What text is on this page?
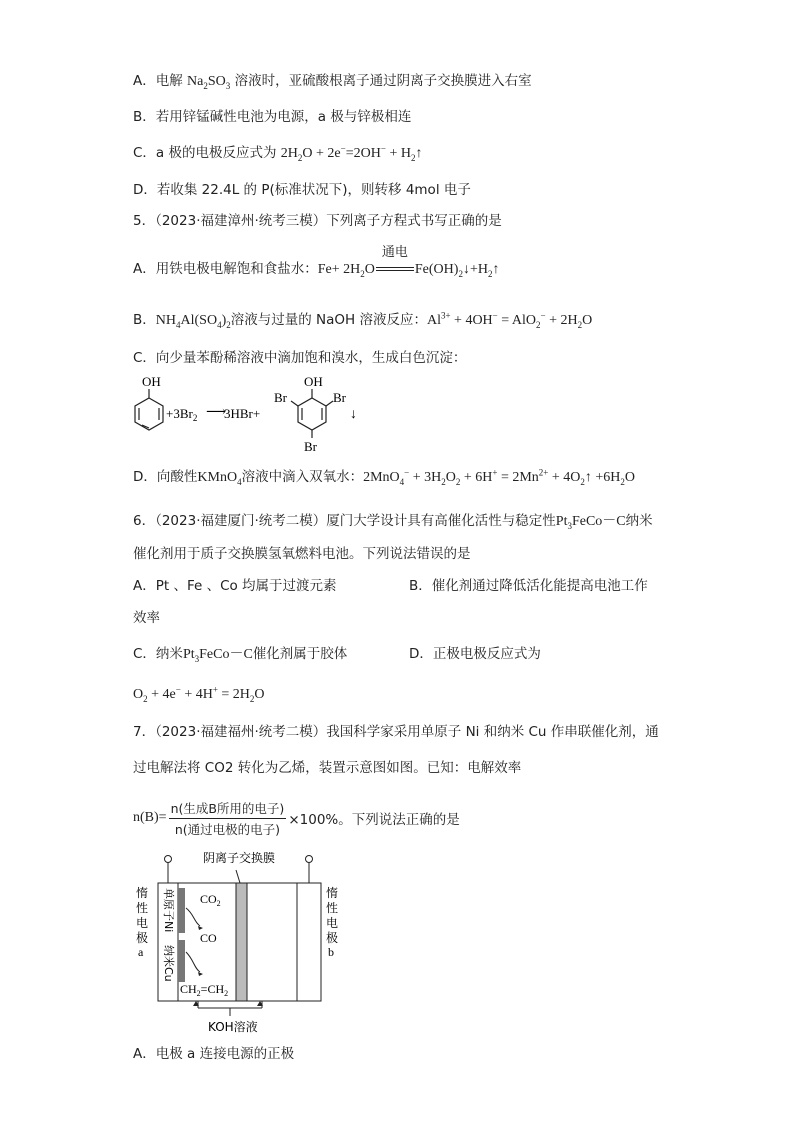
A．电解 $Na_2SO_3$ 溶液时，亚硫酸根离子通过阴离子交换膜进入右室
B．若用锌锰碱性电池为电源，a 极与锌极相连
C．a 极的电极反应式为 $2H_2O + 2e^-=2OH^-$ + $H_2↑$
D．若收集 22.4L 的 P(标准状况下)，则转移 4mol 电子
5．（2023·福建漳州·统考三模）下列离子方程式书写正确的是
A．用铁电极电解饱和食盐水：$Fe+ 2H_2O$
通电
$Fe(OH)_2↓+H_2↑$
B．$NH_4Al(SO_4)_2$溶液与过量的 NaOH 溶液反应：$Al^{3+} + 4OH^- = AlO_2^- + 2H_2O$
C．向少量苯酚稀溶液中滴加饱和溴水，生成白色沉淀：
OH
$+3Br_2$ ⟶
3HBr+
OH
Br	Br
Br
↓
D．向酸性KMnO$_4$溶液中滴入双氧水：$2MnO_4^- + 3H_2O_2 + 6H^+ = 2Mn^{2+}$ + $4O_2↑ +6H_2O$
6．（2023·福建厦门·统考二模）厦门大学设计具有高催化活性与稳定性$Pt_3FeCo-C$纳米
催化剂用于质子交换膜氢氧燃料电池。下列说法错误的是
A．Pt 、Fe 、Co 均属于过渡元素	B．催化剂通过降低活化能提高电池工作
效率
C．纳米$Pt_3FeCo-C$催化剂属于胶体	D．正极电极反应式为
$O_2 + 4e^- + 4H^+ = 2H_2O$
7．（2023·福建福州·统考二模）我国科学家采用单原子 Ni 和纳米 Cu 作串联催化剂，通
过电解法将 CO2 转化为乙烯，装置示意图如图。已知：电解效率
n(B)=
n(生成B所用的电子)
n(通过电极的电子)
×100%。下列说法正确的是
阴离子交换膜
惰
性
电
极
a
惰
性
电
极
b
单原子Ni
纳米Cu
$CO_2$
CO
$CH_2=CH_2$
KOH溶液
A．电极 a 连接电源的正极
